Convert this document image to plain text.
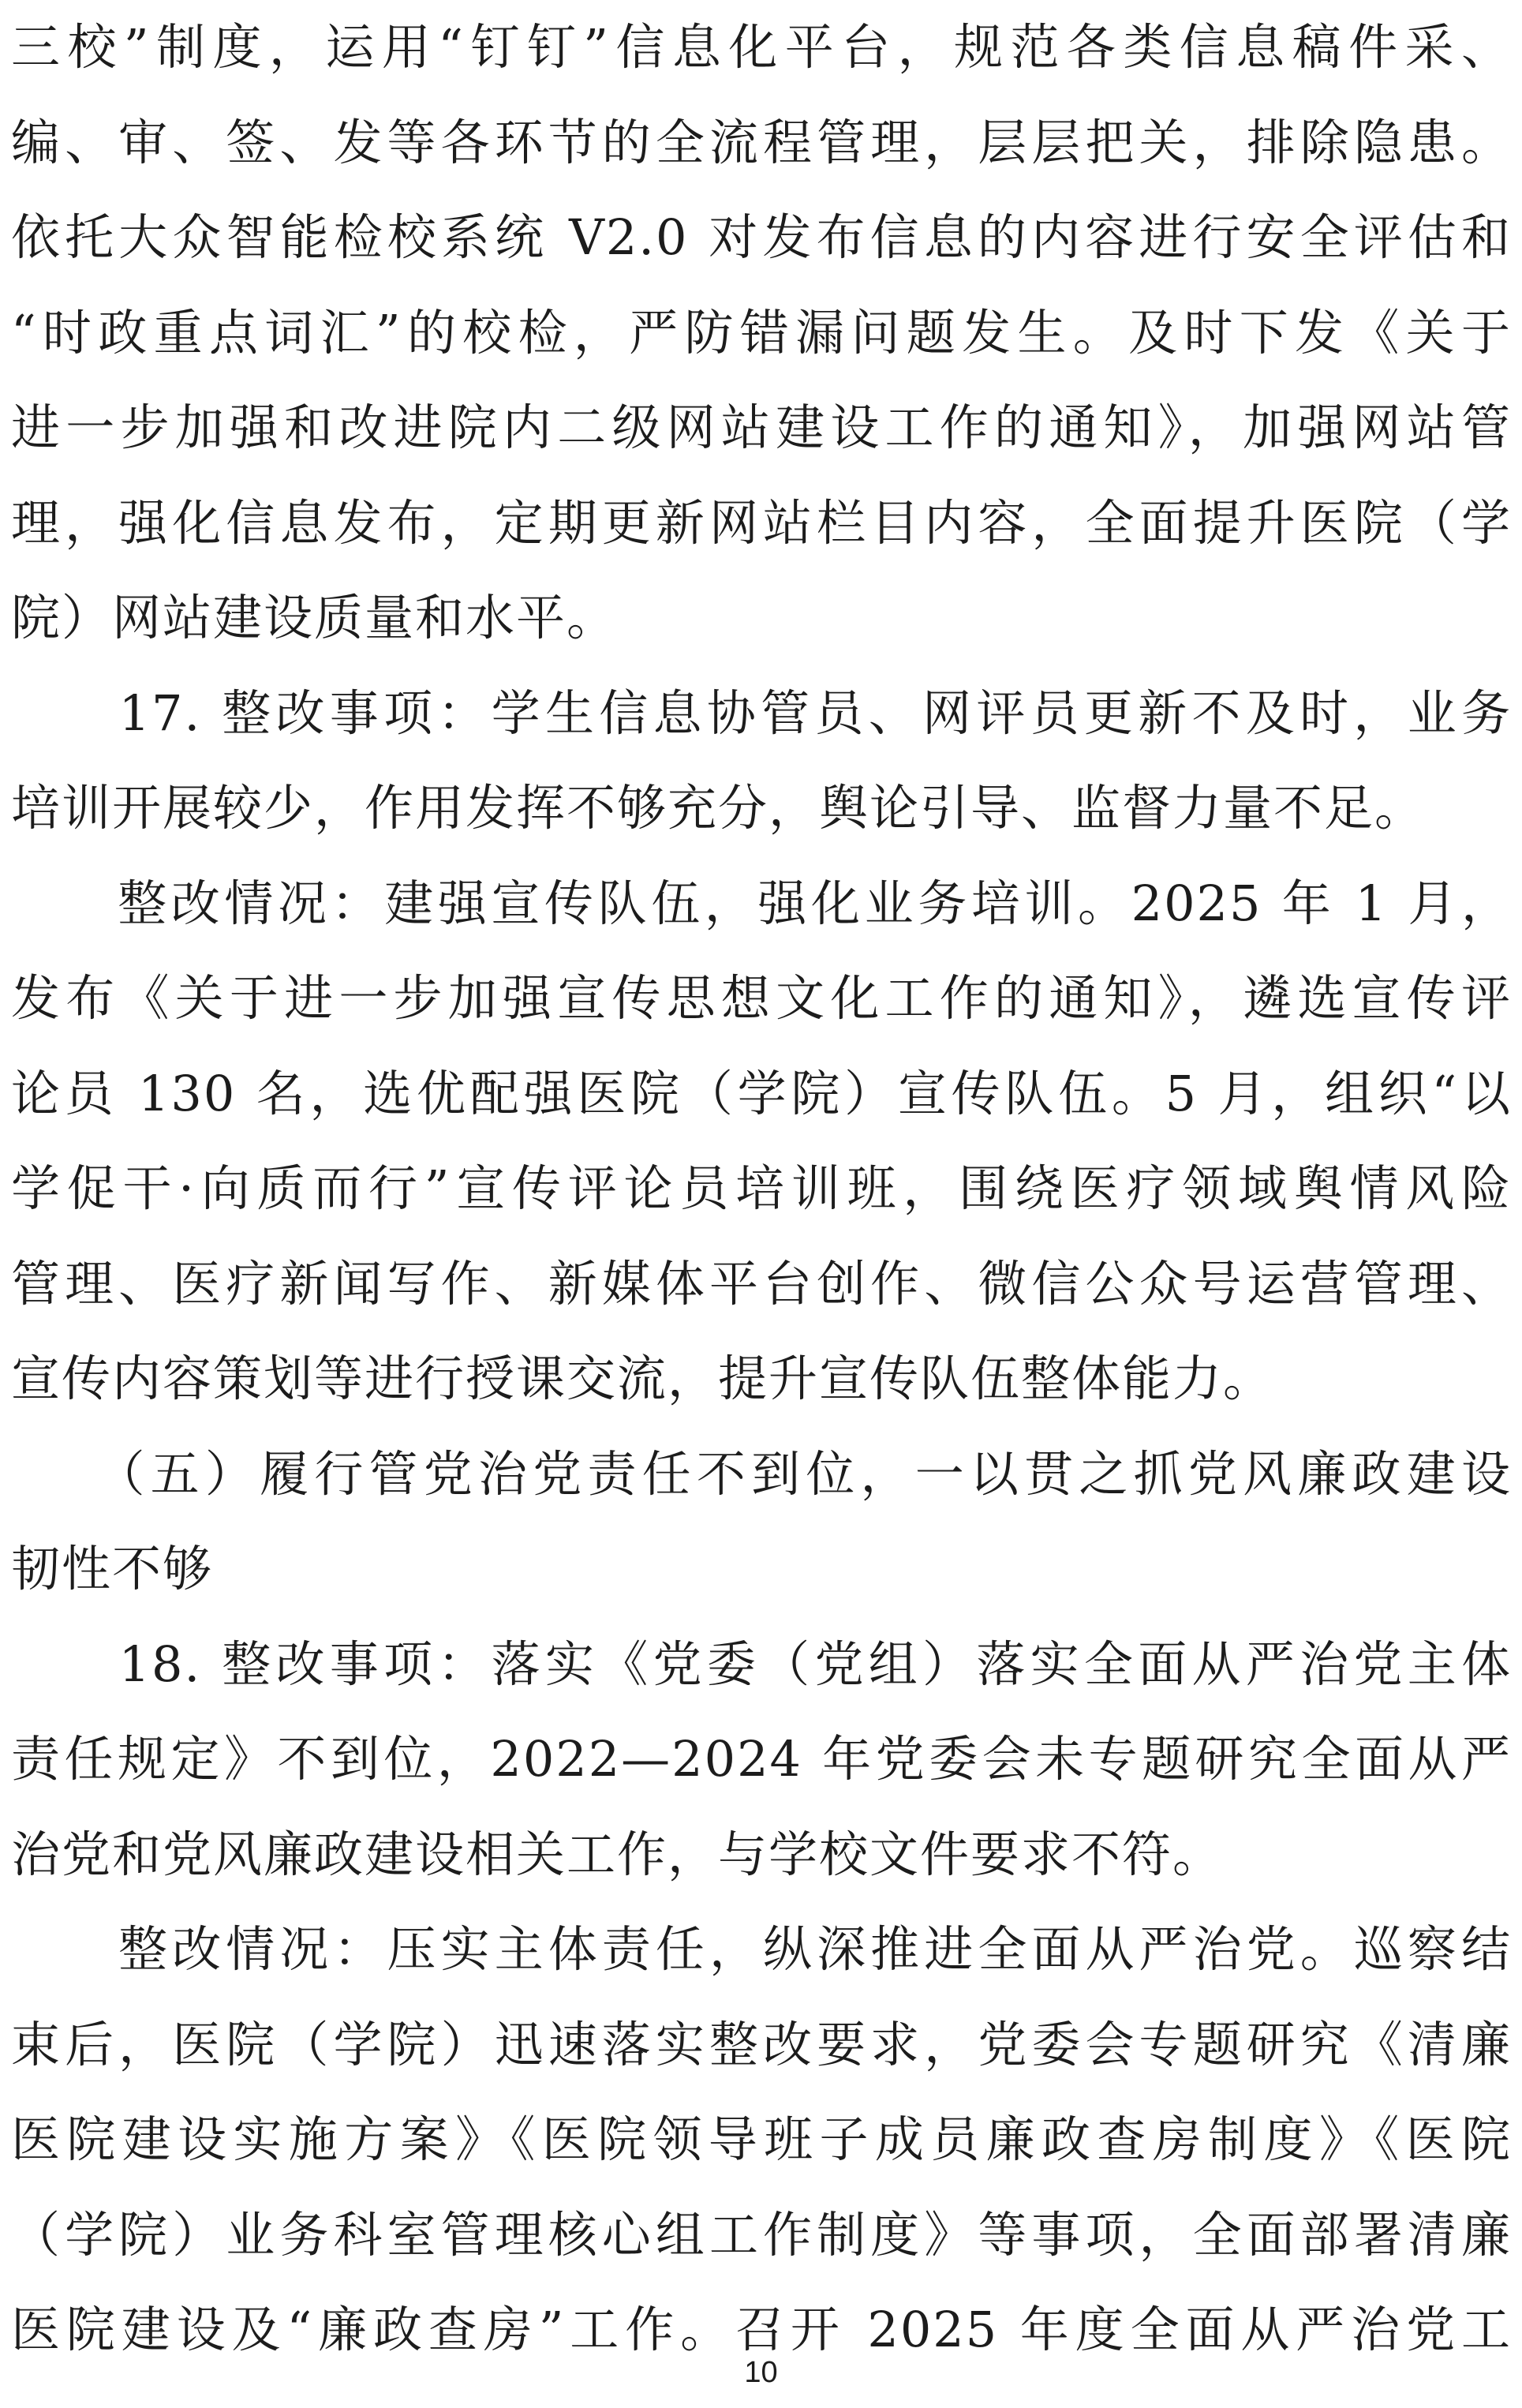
三校”制度，运用“钉钉”信息化平台，规范各类信息稿件采、
编、审、签、发等各环节的全流程管理，层层把关，排除隐患。
依托大众智能检校系统 V2.0 对发布信息的内容进行安全评估和
“时政重点词汇”的校检，严防错漏问题发生。及时下发《关于
进一步加强和改进院内二级网站建设工作的通知》，加强网站管
理，强化信息发布，定期更新网站栏目内容，全面提升医院（学
院）网站建设质量和水平。
　　17. 整改事项：学生信息协管员、网评员更新不及时，业务
培训开展较少，作用发挥不够充分，舆论引导、监督力量不足。
　　整改情况：建强宣传队伍，强化业务培训。2025 年 1 月，
发布《关于进一步加强宣传思想文化工作的通知》，遴选宣传评
论员 130 名，选优配强医院（学院）宣传队伍。5 月，组织“以
学促干·向质而行”宣传评论员培训班，围绕医疗领域舆情风险
管理、医疗新闻写作、新媒体平台创作、微信公众号运营管理、
宣传内容策划等进行授课交流，提升宣传队伍整体能力。
　　（五）履行管党治党责任不到位，一以贯之抓党风廉政建设
韧性不够
　　18. 整改事项：落实《党委（党组）落实全面从严治党主体
责任规定》不到位，2022—2024 年党委会未专题研究全面从严
治党和党风廉政建设相关工作，与学校文件要求不符。
　　整改情况：压实主体责任，纵深推进全面从严治党。巡察结
束后，医院（学院）迅速落实整改要求，党委会专题研究《清廉
医院建设实施方案》《医院领导班子成员廉政查房制度》《医院
（学院）业务科室管理核心组工作制度》等事项，全面部署清廉
医院建设及“廉政查房”工作。召开 2025 年度全面从严治党工
10
